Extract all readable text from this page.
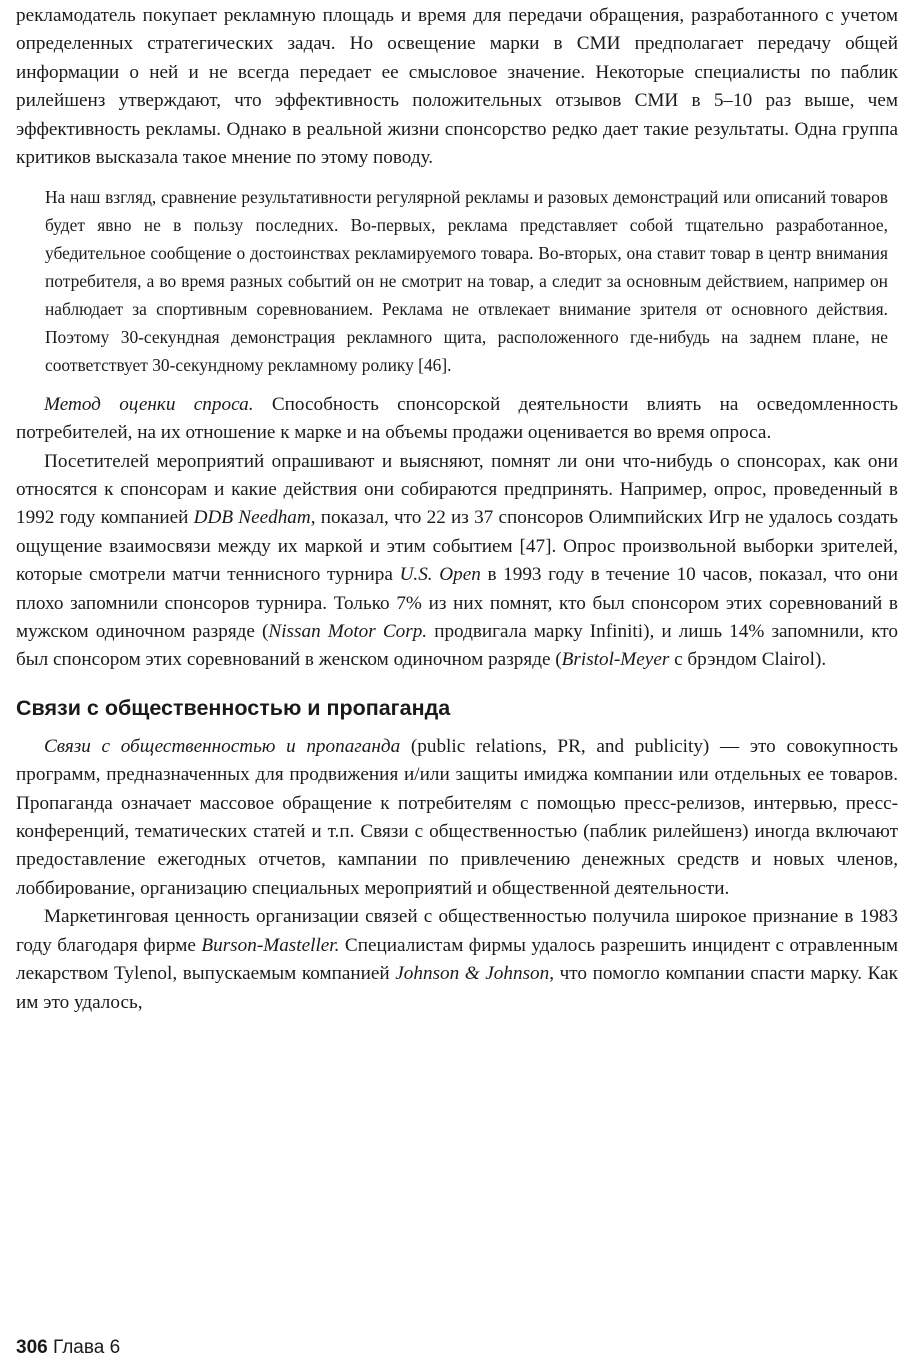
рекламодатель покупает рекламную площадь и время для передачи обращения, разработанного с учетом определенных стратегических задач. Но освещение марки в СМИ предполагает передачу общей информации о ней и не всегда передает ее смысловое значение. Некоторые специалисты по паблик рилейшенз утверждают, что эффективность положительных отзывов СМИ в 5–10 раз выше, чем эффективность рекламы. Однако в реальной жизни спонсорство редко дает такие результаты. Одна группа критиков высказала такое мнение по этому поводу.

На наш взгляд, сравнение результативности регулярной рекламы и разовых демонстраций или описаний товаров будет явно не в пользу последних. Во-первых, реклама представляет собой тщательно разработанное, убедительное сообщение о достоинствах рекламируемого товара. Во-вторых, она ставит товар в центр внимания потребителя, а во время разных событий он не смотрит на товар, а следит за основным действием, например он наблюдает за спортивным соревнованием. Реклама не отвлекает внимание зрителя от основного действия. Поэтому 30-секундная демонстрация рекламного щита, расположенного где-нибудь на заднем плане, не соответствует 30-секундному рекламному ролику [46].

Метод оценки спроса. Способность спонсорской деятельности влиять на осведомленность потребителей, на их отношение к марке и на объемы продажи оценивается во время опроса.

Посетителей мероприятий опрашивают и выясняют, помнят ли они что-нибудь о спонсорах, как они относятся к спонсорам и какие действия они собираются предпринять. Например, опрос, проведенный в 1992 году компанией DDB Needham, показал, что 22 из 37 спонсоров Олимпийских Игр не удалось создать ощущение взаимосвязи между их маркой и этим событием [47]. Опрос произвольной выборки зрителей, которые смотрели матчи теннисного турнира U.S. Open в 1993 году в течение 10 часов, показал, что они плохо запомнили спонсоров турнира. Только 7% из них помнят, кто был спонсором этих соревнований в мужском одиночном разряде (Nissan Motor Corp. продвигала марку Infiniti), и лишь 14% запомнили, кто был спонсором этих соревнований в женском одиночном разряде (Bristol-Meyer с брэндом Clairol).

Связи с общественностью и пропаганда

Связи с общественностью и пропаганда (public relations, PR, and publicity) — это совокупность программ, предназначенных для продвижения и/или защиты имиджа компании или отдельных ее товаров. Пропаганда означает массовое обращение к потребителям с помощью пресс-релизов, интервью, пресс-конференций, тематических статей и т.п. Связи с общественностью (паблик рилейшенз) иногда включают предоставление ежегодных отчетов, кампании по привлечению денежных средств и новых членов, лоббирование, организацию специальных мероприятий и общественной деятельности.

Маркетинговая ценность организации связей с общественностью получила широкое признание в 1983 году благодаря фирме Burson-Masteller. Специалистам фирмы удалось разрешить инцидент с отравленным лекарством Tylenol, выпускаемым компанией Johnson & Johnson, что помогло компании спасти марку. Как им это удалось,

306 Глава 6
